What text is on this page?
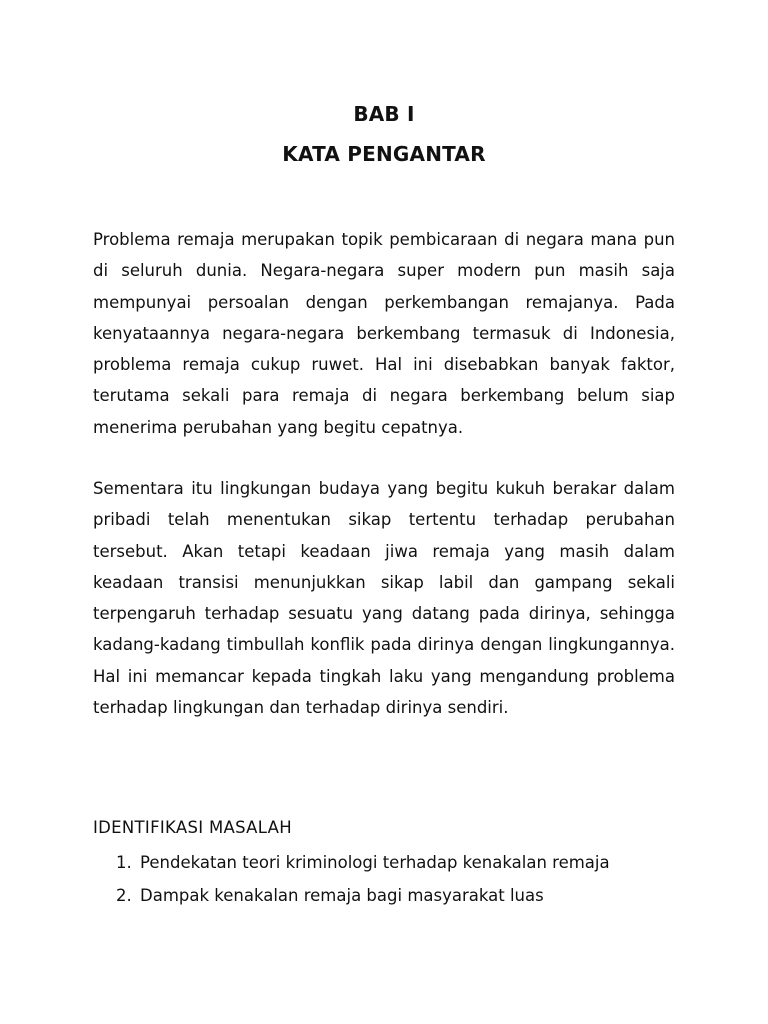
BAB I
KATA PENGANTAR

Problema remaja merupakan topik pembicaraan di negara mana pun di seluruh dunia. Negara-negara super modern pun masih saja mempunyai persoalan dengan perkembangan remajanya. Pada kenyataannya negara-negara berkembang termasuk di Indonesia, problema remaja cukup ruwet. Hal ini disebabkan banyak faktor, terutama sekali para remaja di negara berkembang belum siap menerima perubahan yang begitu cepatnya.

Sementara itu lingkungan budaya yang begitu kukuh berakar dalam pribadi telah menentukan sikap tertentu terhadap perubahan tersebut. Akan tetapi keadaan jiwa remaja yang masih dalam keadaan transisi menunjukkan sikap labil dan gampang sekali terpengaruh terhadap sesuatu yang datang pada dirinya, sehingga kadang-kadang timbullah konflik pada dirinya dengan lingkungannya. Hal ini memancar kepada tingkah laku yang mengandung problema terhadap lingkungan dan terhadap dirinya sendiri.

IDENTIFIKASI MASALAH

1. Pendekatan teori kriminologi terhadap kenakalan remaja
2. Dampak kenakalan remaja bagi masyarakat luas
